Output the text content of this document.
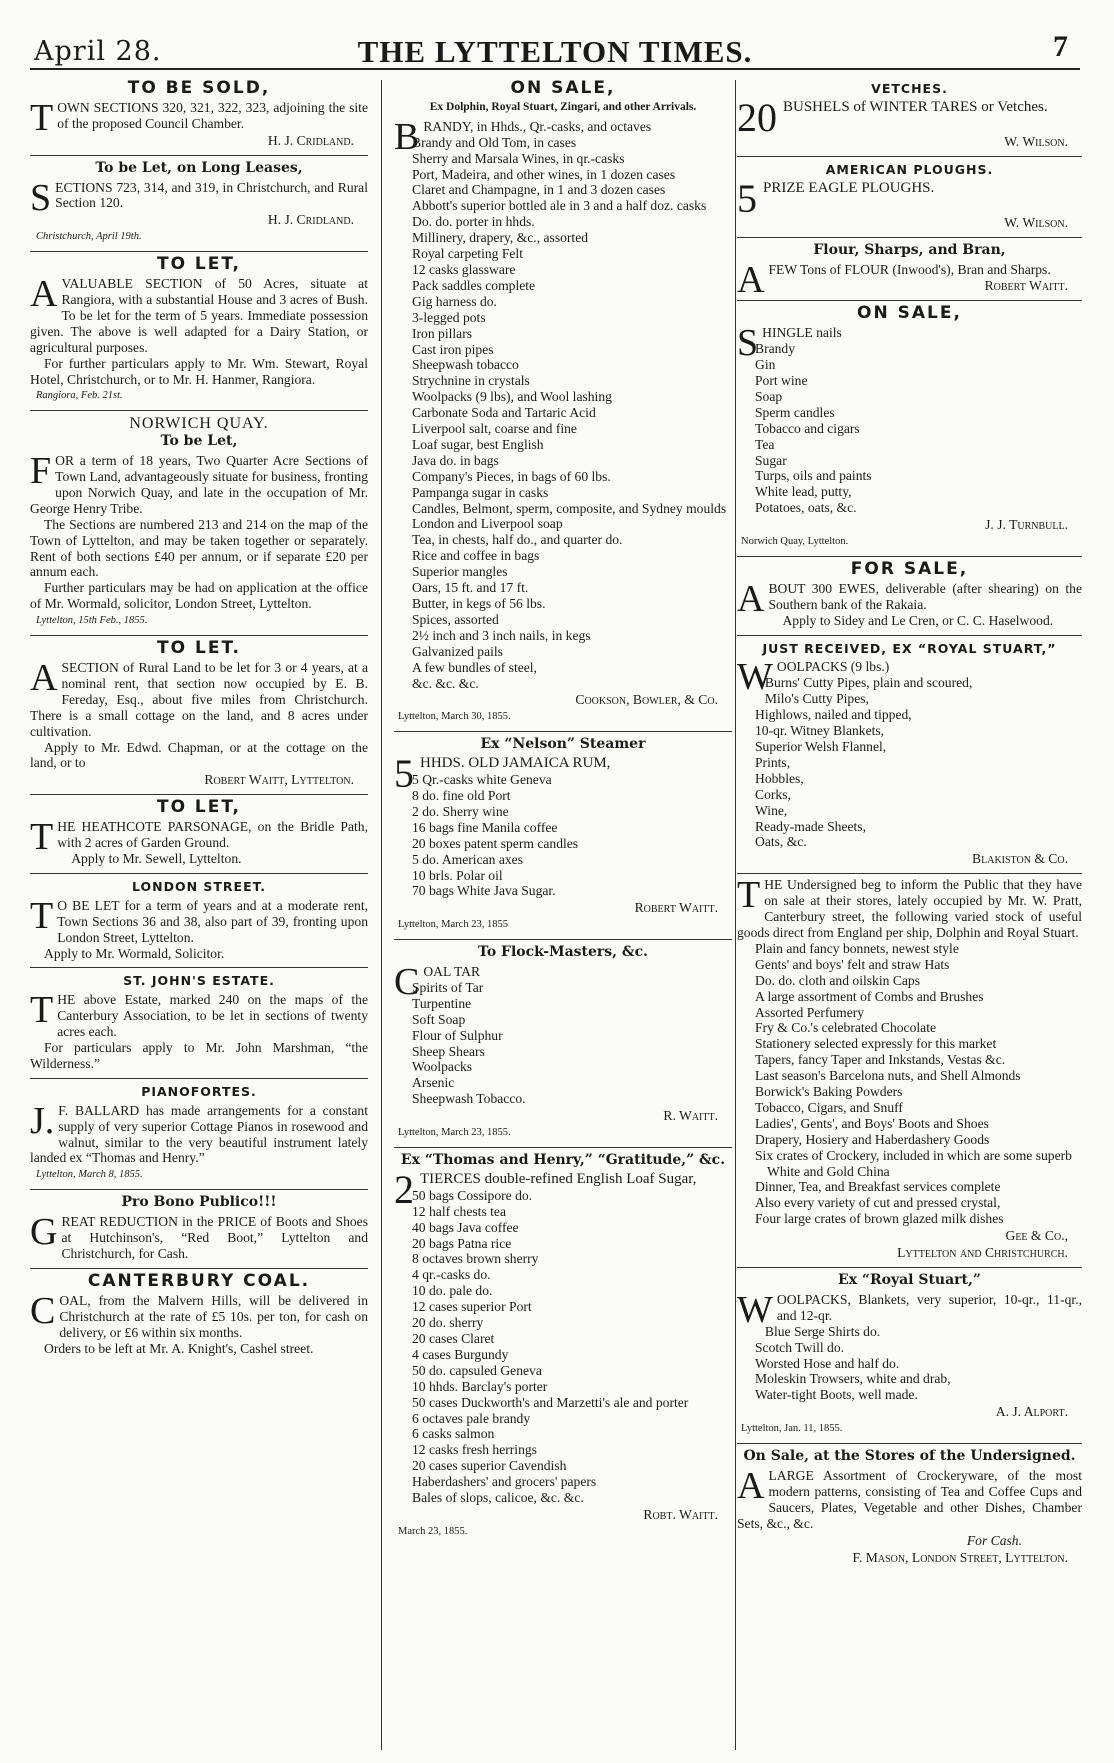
April 28.	THE LYTTELTON TIMES.	7
TO BE SOLD,

TOWN SECTIONS 320, 321, 322, 323, adjoining the site of the proposed Council Chamber.

H. J. Cridland.
To be Let, on Long Leases,

SECTIONS 723, 314, and 319, in Christchurch, and Rural Section 120.

H. J. Cridland.
Christchurch, April 19th.
TO LET,

AVALUABLE SECTION of 50 Acres, situate at Rangiora, with a substantial House and 3 acres of Bush. To be let for the term of 5 years. Immediate possession given. The above is well adapted for a Dairy Station, or agricultural purposes.

For further particulars apply to Mr. Wm. Stewart, Royal Hotel, Christchurch, or to Mr. H. Hanmer, Rangiora.

Rangiora, Feb. 21st.
NORWICH QUAY.
To be Let,

FOR a term of 18 years, Two Quarter Acre Sections of Town Land, advantageously situate for business, fronting upon Norwich Quay, and late in the occupation of Mr. George Henry Tribe.

The Sections are numbered 213 and 214 on the map of the Town of Lyttelton, and may be taken together or separately. Rent of both sections £40 per annum, or if separate £20 per annum each.

Further particulars may be had on application at the office of Mr. Wormald, solicitor, London Street, Lyttelton.

Lyttelton, 15th Feb., 1855.
TO LET.

ASECTION of Rural Land to be let for 3 or 4 years, at a nominal rent, that section now occupied by E. B. Fereday, Esq., about five miles from Christchurch. There is a small cottage on the land, and 8 acres under cultivation.

Apply to Mr. Edwd. Chapman, or at the cottage on the land, or to

Robert Waitt, Lyttelton.
TO LET,

THE HEATHCOTE PARSONAGE, on the Bridle Path, with 2 acres of Garden Ground.

Apply to Mr. Sewell, Lyttelton.

LONDON STREET.

TO BE LET for a term of years and at a moderate rent, Town Sections 36 and 38, also part of 39, fronting upon London Street, Lyttelton.

Apply to Mr. Wormald, Solicitor.

ST. JOHN'S ESTATE.

THE above Estate, marked 240 on the maps of the Canterbury Association, to be let in sections of twenty acres each.

For particulars apply to Mr. John Marshman, “the Wilderness.”

PIANOFORTES.

J.F. BALLARD has made arrangements for a constant supply of very superior Cottage Pianos in rosewood and walnut, similar to the very beautiful instrument lately landed ex “Thomas and Henry.”

Lyttelton, March 8, 1855.
Pro Bono Publico!!!

GREAT REDUCTION in the PRICE of Boots and Shoes at Hutchinson's, “Red Boot,” Lyttelton and Christchurch, for Cash.

CANTERBURY COAL.

COAL, from the Malvern Hills, will be delivered in Christchurch at the rate of £5 10s. per ton, for cash on delivery, or £6 within six months.

Orders to be left at Mr. A. Knight's, Cashel street.

ON SALE,
Ex Dolphin, Royal Stuart, Zingari, and other Arrivals.

BRANDY, in Hhds., Qr.-casks, and octaves

Brandy and Old Tom, in cases
Sherry and Marsala Wines, in qr.-casks
Port, Madeira, and other wines, in 1 dozen cases
Claret and Champagne, in 1 and 3 dozen cases
Abbott's superior bottled ale in 3 and a half doz. casks
Do. do. porter in hhds.
Millinery, drapery, &c., assorted
Royal carpeting Felt
12 casks glassware
Pack saddles complete
Gig harness do.
3-legged pots
Iron pillars
Cast iron pipes
Sheepwash tobacco
Strychnine in crystals
Woolpacks (9 lbs), and Wool lashing
Carbonate Soda and Tartaric Acid
Liverpool salt, coarse and fine
Loaf sugar, best English
Java do. in bags
Company's Pieces, in bags of 60 lbs.
Pampanga sugar in casks
Candles, Belmont, sperm, composite, and Sydney moulds
London and Liverpool soap
Tea, in chests, half do., and quarter do.
Rice and coffee in bags
Superior mangles
Oars, 15 ft. and 17 ft.
Butter, in kegs of 56 lbs.
Spices, assorted
2½ inch and 3 inch nails, in kegs
Galvanized pails
A few bundles of steel,
&c. &c. &c.
Cookson, Bowler, & Co.
Lyttelton, March 30, 1855.
Ex “Nelson” Steamer

5 HHDS. OLD JAMAICA RUM,

5 Qr.-casks white Geneva
8 do. fine old Port
2 do. Sherry wine
16 bags fine Manila coffee
20 boxes patent sperm candles
5 do. American axes
10 brls. Polar oil
70 bags White Java Sugar.
Robert Waitt.
Lyttelton, March 23, 1855
To Flock-Masters, &c.

COAL TAR

Spirits of Tar
Turpentine
Soft Soap
Flour of Sulphur
Sheep Shears
Woolpacks
Arsenic
Sheepwash Tobacco.
R. Waitt.
Lyttelton, March 23, 1855.
Ex “Thomas and Henry,” “Gratitude,” &c.

2 TIERCES double-refined English Loaf Sugar,

50 bags Cossipore do.
12 half chests tea
40 bags Java coffee
20 bags Patna rice
8 octaves brown sherry
4 qr.-casks do.
10 do. pale do.
12 cases superior Port
20 do. sherry
20 cases Claret
4 cases Burgundy
50 do. capsuled Geneva
10 hhds. Barclay's porter
50 cases Duckworth's and Marzetti's ale and porter
6 octaves pale brandy
6 casks salmon
12 casks fresh herrings
20 cases superior Cavendish
Haberdashers' and grocers' papers
Bales of slops, calicoe, &c. &c.
Robt. Waitt.
March 23, 1855.
VETCHES.

20 BUSHELS of WINTER TARES or Vetches.

W. Wilson.
AMERICAN PLOUGHS.

5 PRIZE EAGLE PLOUGHS.

W. Wilson.
Flour, Sharps, and Bran,

AFEW Tons of FLOUR (Inwood's), Bran and Sharps.

Robert Waitt.
ON SALE,

SHINGLE nails

Brandy
Gin
Port wine
Soap
Sperm candles
Tobacco and cigars
Tea
Sugar
Turps, oils and paints
White lead, putty,
Potatoes, oats, &c.
J. J. Turnbull.
Norwich Quay, Lyttelton.
FOR SALE,

ABOUT 300 EWES, deliverable (after shearing) on the Southern bank of the Rakaia.

Apply to Sidey and Le Cren, or C. C. Haselwood.

JUST RECEIVED, EX “ROYAL STUART,”

WOOLPACKS (9 lbs.)

Burns' Cutty Pipes, plain and scoured,
Milo's Cutty Pipes,
Highlows, nailed and tipped,
10-qr. Witney Blankets,
Superior Welsh Flannel,
Prints,
Hobbles,
Corks,
Wine,
Ready-made Sheets,
Oats, &c.
Blakiston & Co.

THE Undersigned beg to inform the Public that they have on sale at their stores, lately occupied by Mr. W. Pratt, Canterbury street, the following varied stock of useful goods direct from England per ship, Dolphin and Royal Stuart.

Plain and fancy bonnets, newest style
Gents' and boys' felt and straw Hats
Do. do. cloth and oilskin Caps
A large assortment of Combs and Brushes
Assorted Perfumery
Fry & Co.'s celebrated Chocolate
Stationery selected expressly for this market
Tapers, fancy Taper and Inkstands, Vestas &c.
Last season's Barcelona nuts, and Shell Almonds
Borwick's Baking Powders
Tobacco, Cigars, and Snuff
Ladies', Gents', and Boys' Boots and Shoes
Drapery, Hosiery and Haberdashery Goods
Six crates of Crockery, included in which are some superb White and Gold China
Dinner, Tea, and Breakfast services complete
Also every variety of cut and pressed crystal,
Four large crates of brown glazed milk dishes
Gee & Co.,
Lyttelton and Christchurch.
Ex “Royal Stuart,”

WOOLPACKS, Blankets, very superior, 10-qr., 11-qr., and 12-qr.

Blue Serge Shirts do.
Scotch Twill do.
Worsted Hose and half do.
Moleskin Trowsers, white and drab,
Water-tight Boots, well made.
A. J. Alport.
Lyttelton, Jan. 11, 1855.
On Sale, at the Stores of the Undersigned.

ALARGE Assortment of Crockeryware, of the most modern patterns, consisting of Tea and Coffee Cups and Saucers, Plates, Vegetable and other Dishes, Chamber Sets, &c., &c.

For Cash.
F. Mason, London Street, Lyttelton.
